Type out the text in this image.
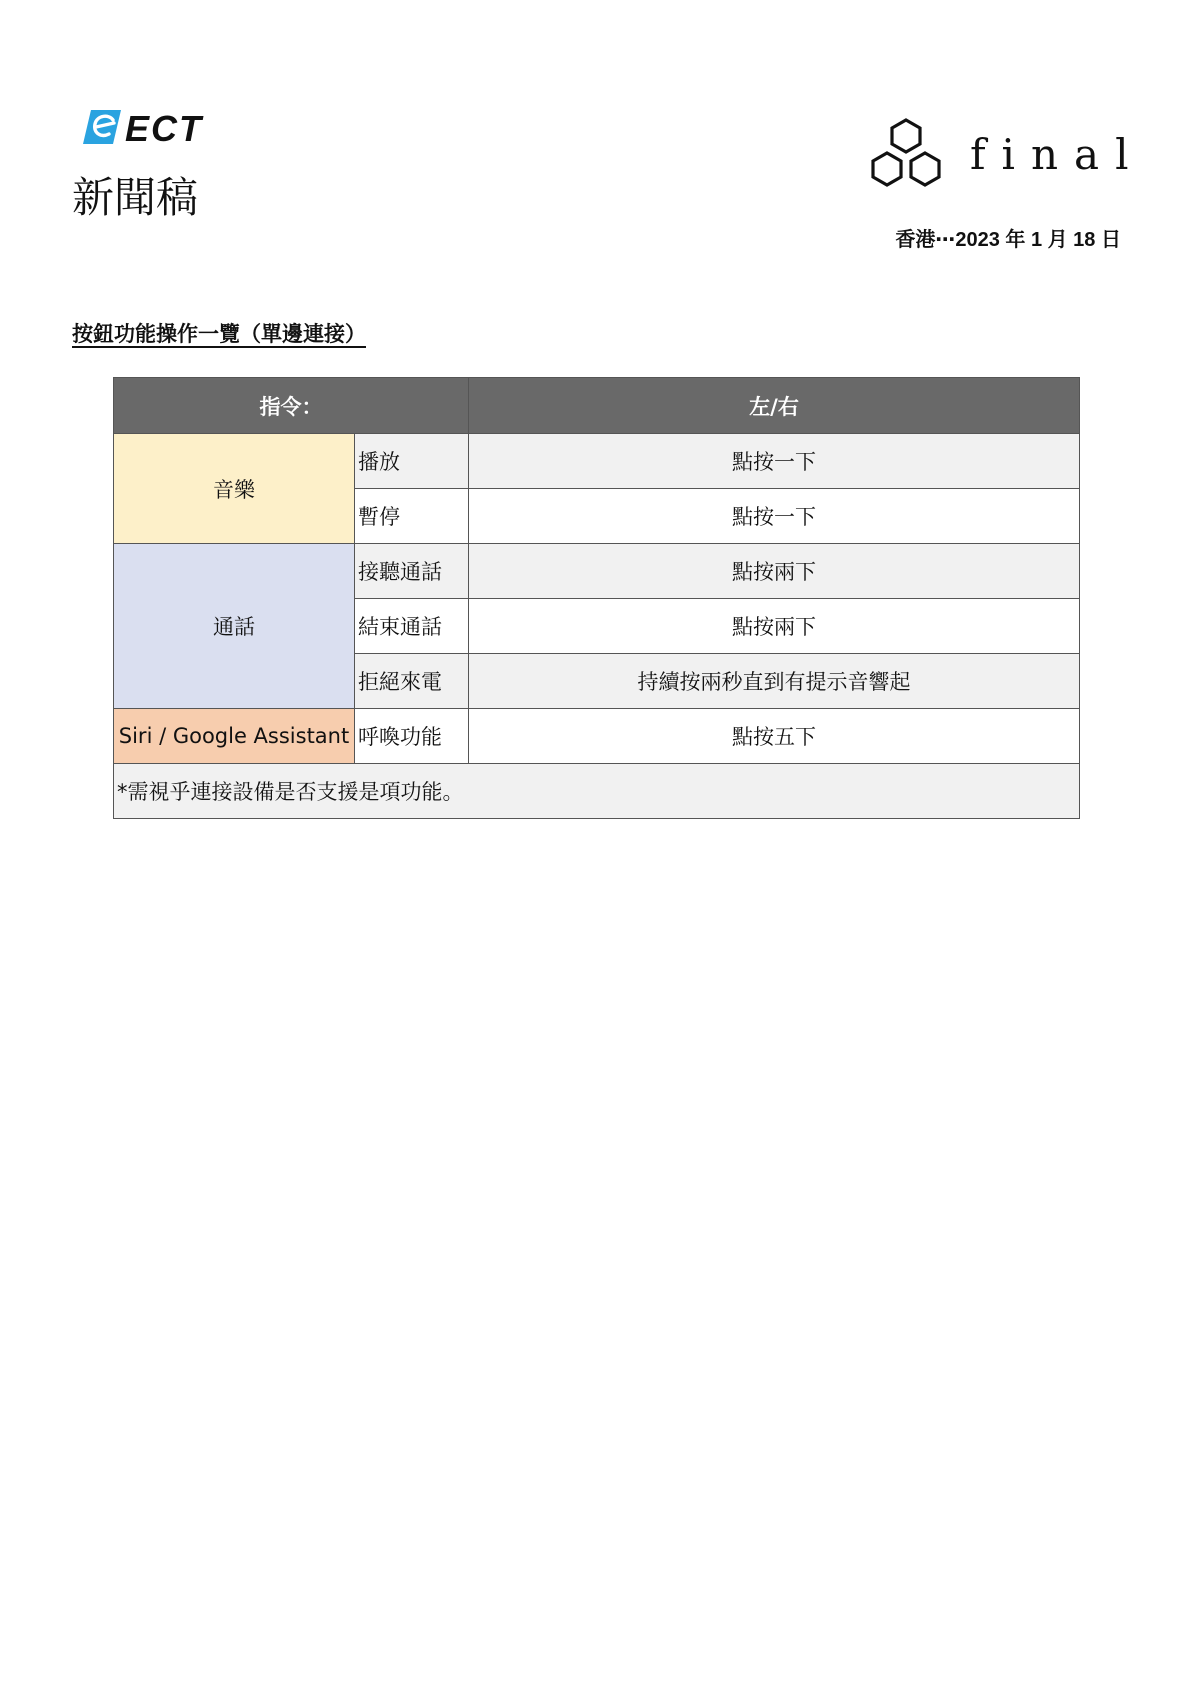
ECT
新聞稿
final
香港⋯2023 年 1 月 18 日
按鈕功能操作一覽（單邊連接）
指令：		左/右
音樂	播放	點按一下
	暫停	點按一下
通話	接聽通話	點按兩下
	結束通話	點按兩下
	拒絕來電	持續按兩秒直到有提示音響起
Siri / Google Assistant	呼喚功能	點按五下
*需視乎連接設備是否支援是項功能。		
